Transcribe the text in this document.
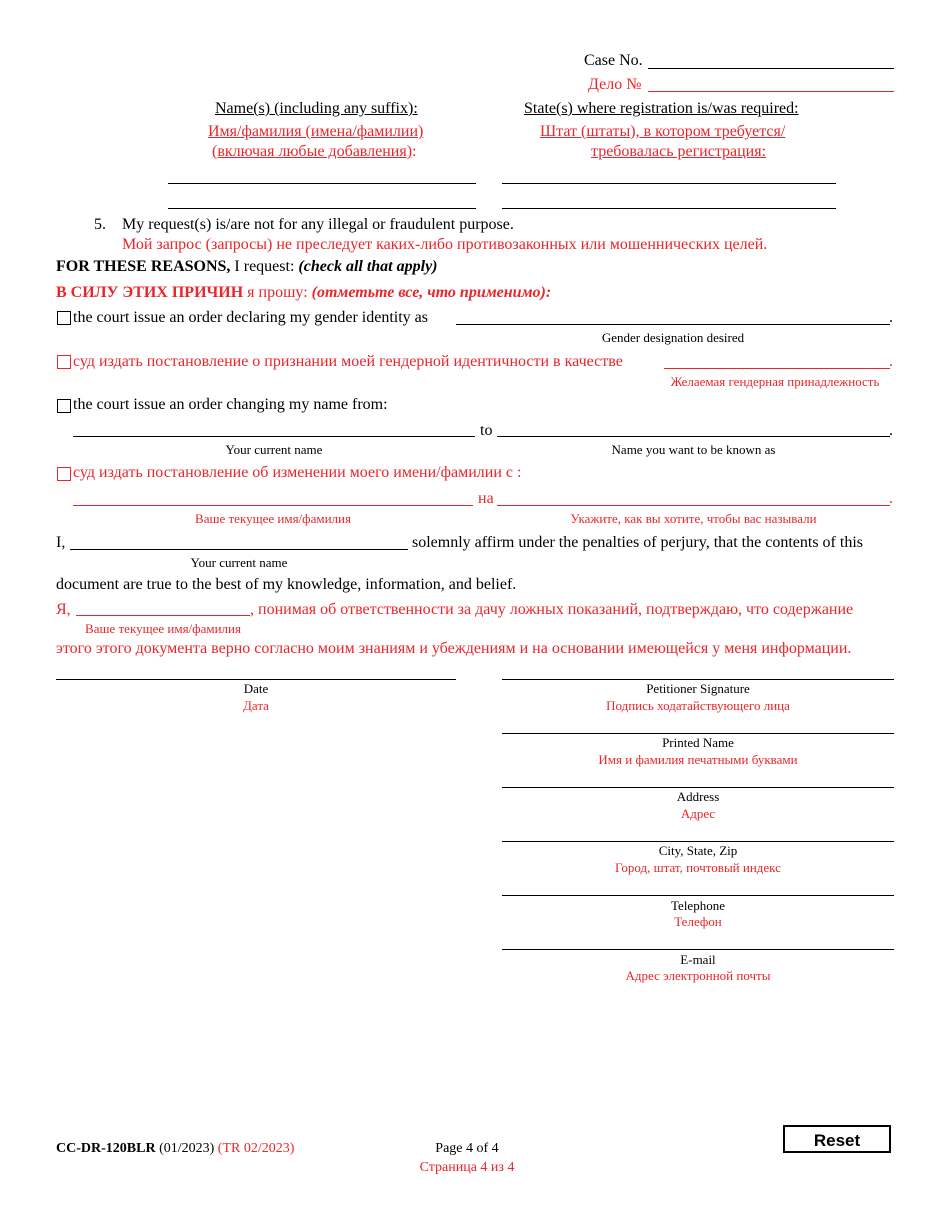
Case No.
Дело №
Name(s) (including any suffix):	State(s) where registration is/was required:
Имя/фамилия (имена/фамилии)
(включая любые добавления):
Штат (штаты), в котором требуется/
требовалась регистрация:
5. My request(s) is/are not for any illegal or fraudulent purpose.
Мой запрос (запросы) не преследует каких-либо противозаконных или мошеннических целей.
FOR THESE REASONS, I request: (check all that apply)
В СИЛУ ЭТИХ ПРИЧИН я прошу: (отметьте все, что применимо):
the court issue an order declaring my gender identity as	.
Gender designation desired
суд издать постановление о признании моей гендерной идентичности в качестве	.
Желаемая гендерная принадлежность
the court issue an order changing my name from:
to	.
Your current name	Name you want to be known as
суд издать постановление об изменении моего имени/фамилии с :
на	.
Ваше текущее имя/фамилия	Укажите, как вы хотите, чтобы вас называли
I,	solemnly affirm under the penalties of perjury, that the contents of this
Your current name
document are true to the best of my knowledge, information, and belief.
Я,	, понимая об ответственности за дачу ложных показаний, подтверждаю, что содержание
Ваше текущее имя/фамилия
этого этого документа верно согласно моим знаниям и убеждениям и на основании имеющейся у меня информации.
Date
Дата
Petitioner Signature
Подпись ходатайствующего лица
Printed Name
Имя и фамилия печатными буквами
Address
Адрес
City, State, Zip
Город, штат, почтовый индекс
Telephone
Телефон
E-mail
Адрес электронной почты
CC-DR-120BLR (01/2023) (TR 02/2023)	Page 4 of 4
Страница 4 из 4
Reset
